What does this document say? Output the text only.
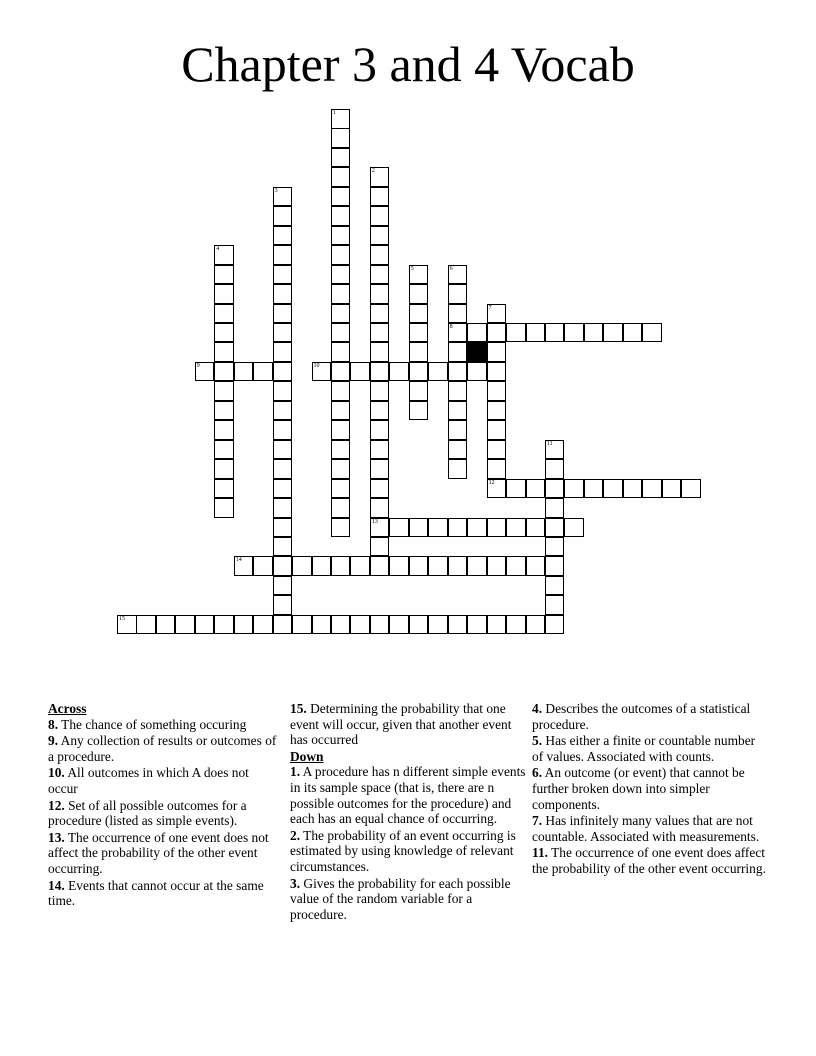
Chapter 3 and 4 Vocab
1
2
13
3
4
5	6
8
7
9	10
11
12
14
15
Across
8. The chance of something occuring
9. Any collection of results or outcomes of a procedure.
10. All outcomes in which A does not occur
12. Set of all possible outcomes for a procedure (listed as simple events).
13. The occurrence of one event does not affect the probability of the other event occurring.
14. Events that cannot occur at the same time.
15. Determining the probability that one event will occur, given that another event has occurred
Down
1. A procedure has n different simple events in its sample space (that is, there are n possible outcomes for the procedure) and each has an equal chance of occurring.
2. The probability of an event occurring is estimated by using knowledge of relevant circumstances.
3. Gives the probability for each possible value of the random variable for a procedure.
4. Describes the outcomes of a statistical procedure.
5. Has either a finite or countable number of values. Associated with counts.
6. An outcome (or event) that cannot be further broken down into simpler components.
7. Has infinitely many values that are not countable. Associated with measurements.
11. The occurrence of one event does affect the probability of the other event occurring.
